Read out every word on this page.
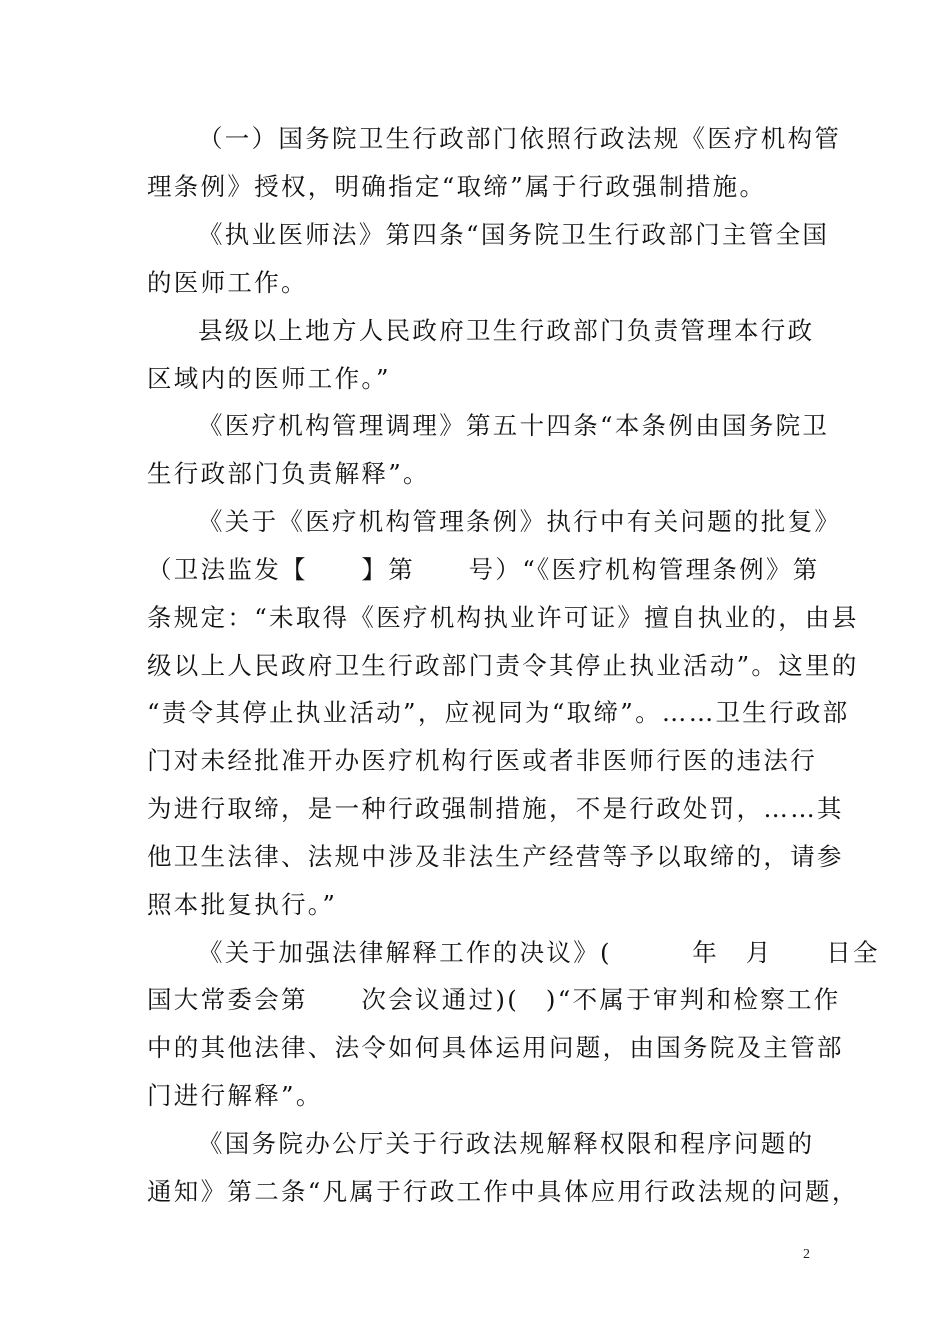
（一）国务院卫生行政部门依照行政法规《医疗机构管
理条例》授权，明确指定“取缔”属于行政强制措施。
《执业医师法》第四条“国务院卫生行政部门主管全国
的医师工作。
县级以上地方人民政府卫生行政部门负责管理本行政
区域内的医师工作。”
《医疗机构管理调理》第五十四条“本条例由国务院卫
生行政部门负责解释”。
《关于《医疗机构管理条例》执行中有关问题的批复》
（卫法监发【　　】第　　号）“《医疗机构管理条例》第
条规定：“未取得《医疗机构执业许可证》擅自执业的，由县
级以上人民政府卫生行政部门责令其停止执业活动”。这里的
“责令其停止执业活动”，应视同为“取缔”。……卫生行政部
门对未经批准开办医疗机构行医或者非医师行医的违法行
为进行取缔，是一种行政强制措施，不是行政处罚，……其
他卫生法律、法规中涉及非法生产经营等予以取缔的，请参
照本批复执行。”
《关于加强法律解释工作的决议》(　　　年　月　　日全
国大常委会第　　次会议通过)(　)“不属于审判和检察工作
中的其他法律、法令如何具体运用问题，由国务院及主管部
门进行解释”。
《国务院办公厅关于行政法规解释权限和程序问题的
通知》第二条“凡属于行政工作中具体应用行政法规的问题，
2
